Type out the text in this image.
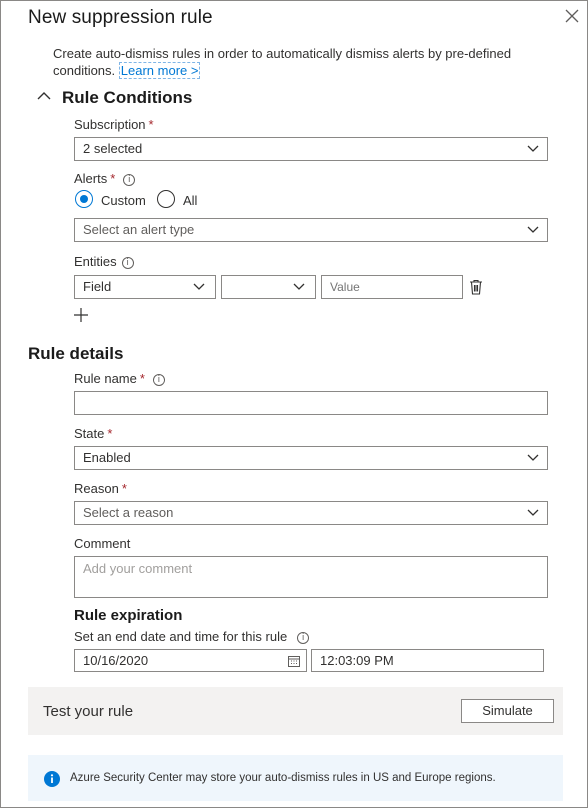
New suppression rule
Create auto-dismiss rules in order to automatically dismiss alerts by pre-defined conditions. Learn more >
Rule Conditions
Subscription *
2 selected
Alerts * i
Custom	All
Select an alert type
Entities i
Field
Value
Rule details
Rule name * i
State *
Enabled
Reason *
Select a reason
Comment
Add your comment
Rule expiration
Set an end date and time for this rule i
10/16/2020	12:03:09 PM
Test your rule	Simulate
Azure Security Center may store your auto-dismiss rules in US and Europe regions.
